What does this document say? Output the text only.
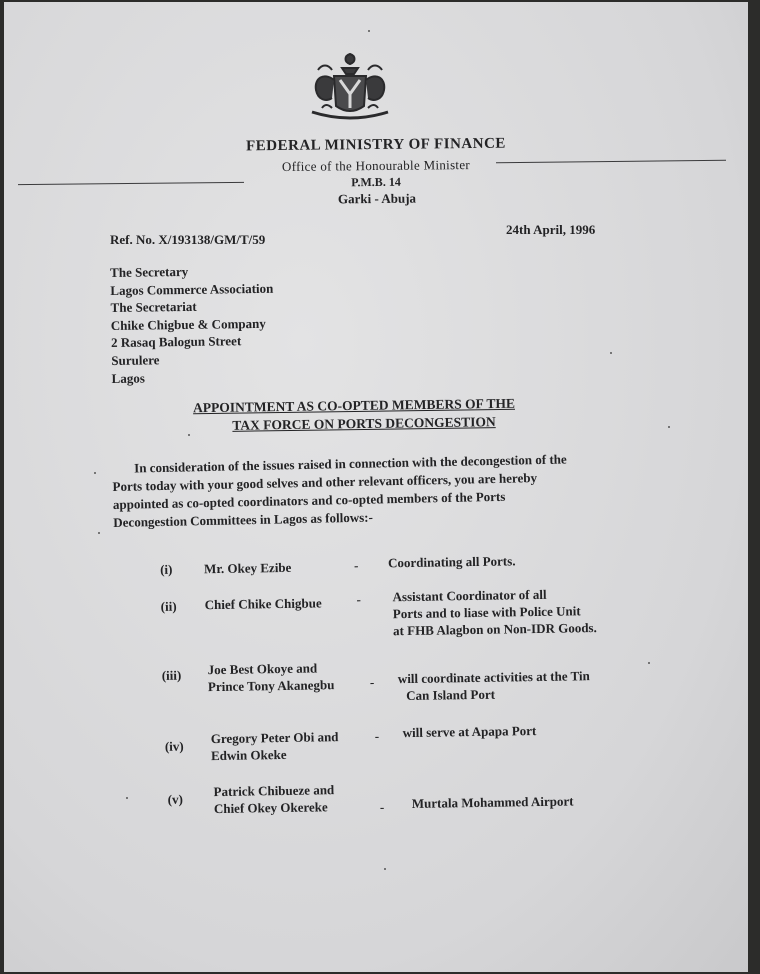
FEDERAL MINISTRY OF FINANCE
Office of the Honourable Minister
P.M.B. 14
Garki - Abuja
Ref. No. X/193138/GM/T/59
24th April, 1996
The Secretary
Lagos Commerce Association
The Secretariat
Chike Chigbue & Company
2 Rasaq Balogun Street
Surulere
Lagos
APPOINTMENT AS CO-OPTED MEMBERS OF THE
TAX FORCE ON PORTS DECONGESTION
In consideration of the issues raised in connection with the decongestion of the
Ports today with your good selves and other relevant officers, you are hereby
appointed as co-opted coordinators and co-opted members of the Ports
Decongestion Committees in Lagos as follows:-
(i) Mr. Okey Ezibe	- Coordinating all Ports.
(ii) Chief Chike Chigbue	- Assistant Coordinator of all
Ports and to liase with Police Unit
at FHB Alagbon on Non-IDR Goods.
(iii) Joe Best Okoye and
Prince Tony Akanegbu	- will coordinate activities at the Tin
Can Island Port
(iv)
Gregory Peter Obi and
Edwin Okeke
- will serve at Apapa Port
(v)
Patrick Chibueze and
Chief Okey Okereke	- Murtala Mohammed Airport
